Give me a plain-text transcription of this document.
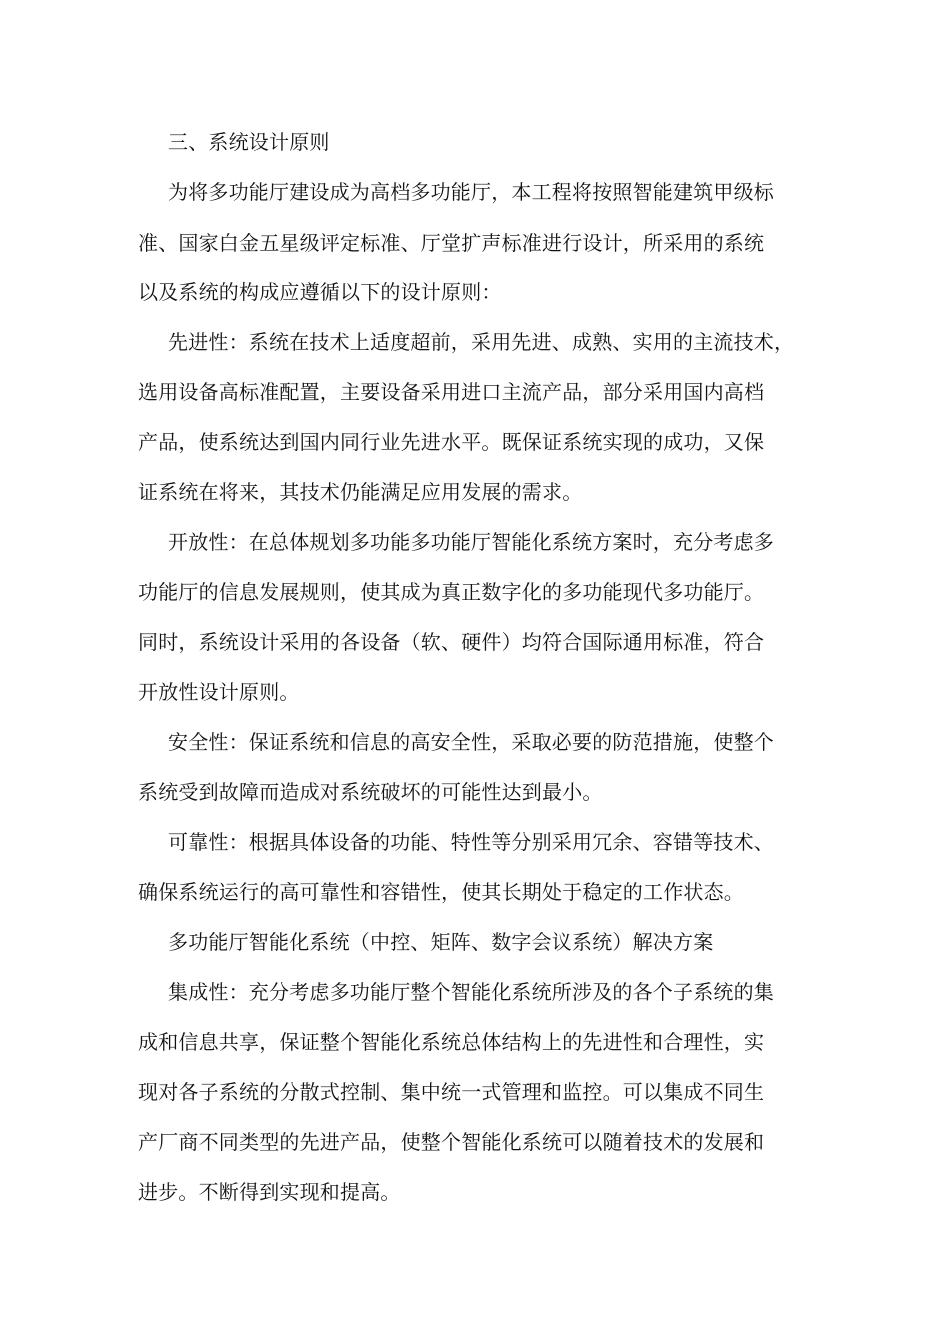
三、系统设计原则
为将多功能厅建设成为高档多功能厅，本工程将按照智能建筑甲级标
准、国家白金五星级评定标准、厅堂扩声标准进行设计，所采用的系统
以及系统的构成应遵循以下的设计原则：
先进性：系统在技术上适度超前，采用先进、成熟、实用的主流技术，
选用设备高标准配置，主要设备采用进口主流产品，部分采用国内高档
产品，使系统达到国内同行业先进水平。既保证系统实现的成功，又保
证系统在将来，其技术仍能满足应用发展的需求。
开放性：在总体规划多功能多功能厅智能化系统方案时，充分考虑多
功能厅的信息发展规则，使其成为真正数字化的多功能现代多功能厅。
同时，系统设计采用的各设备（软、硬件）均符合国际通用标准，符合
开放性设计原则。
安全性：保证系统和信息的高安全性，采取必要的防范措施，使整个
系统受到故障而造成对系统破坏的可能性达到最小。
可靠性：根据具体设备的功能、特性等分别采用冗余、容错等技术、
确保系统运行的高可靠性和容错性，使其长期处于稳定的工作状态。
多功能厅智能化系统（中控、矩阵、数字会议系统）解决方案
集成性：充分考虑多功能厅整个智能化系统所涉及的各个子系统的集
成和信息共享，保证整个智能化系统总体结构上的先进性和合理性，实
现对各子系统的分散式控制、集中统一式管理和监控。可以集成不同生
产厂商不同类型的先进产品，使整个智能化系统可以随着技术的发展和
进步。不断得到实现和提高。
